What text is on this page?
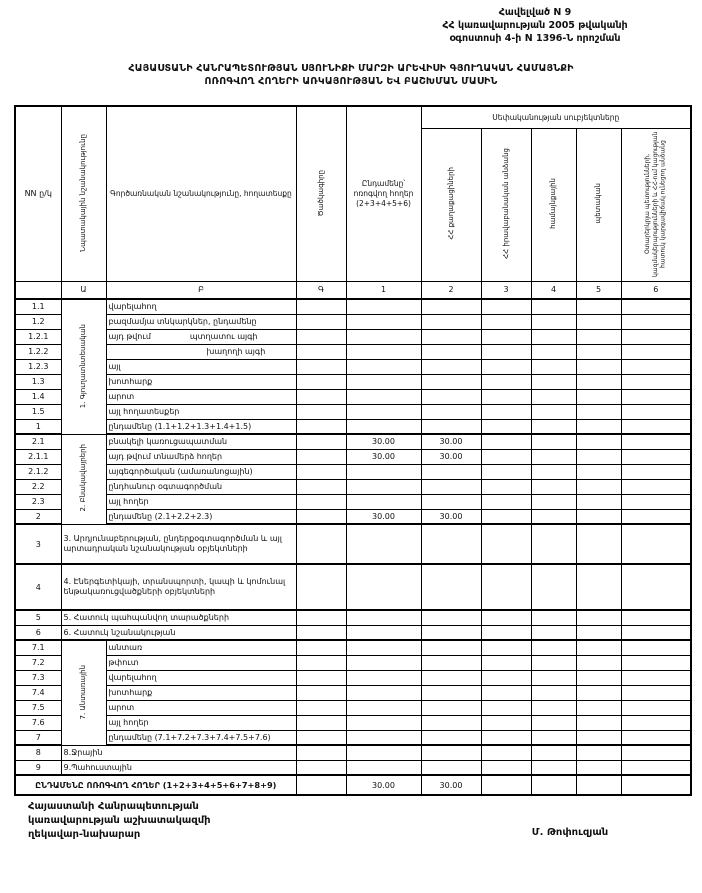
Հավելված N 9
ՀՀ կառավարության 2005 թվականի
օգոստոսի 4-ի N 1396-Ն որոշման
ՀԱՅԱՍՏԱՆԻ ՀԱՆՐԱՊԵՏՈՒԹՅԱՆ ՍՅՈՒՆԻՔԻ ՄԱՐԶԻ ԱՐԵՎԻՍԻ ԳՅՈՒՂԱԿԱՆ ՀԱՄԱՅՆՔԻ
ՈՌՈԳՎՈՂ ՀՈՂԵՐԻ ԱՌԿԱՅՈՒԹՅԱՆ ԵՎ ԲԱՇԽՄԱՆ ՄԱՍԻՆ
NN ը/կ	Նպատակային նշանակությունը	Գործառնական նշանակությունը, հողատեսքը	Ծածկագիրը	Ընդամենը՝ ոռոգվող հողեր (2+3+4+5+6)	Սեփականության սուբյեկտները				
					ՀՀ քաղաքացիների	ՀՀ իրավաբանական անձանց	համայնքային	պետական	Օտարերկրյա պետությունների, կազմակերպությունների և ՀՀ-ում կացության հատուկ կարգավիճակ ունեցող անձանց
	Ա	Բ	Գ	1	2	3	4	5	6
1.1	1. Գյուղատնտեսական	վարելահող							
1.2		բազմամյա տնկարկներ, ընդամենը							
1.2.1		այդ թվում պտղատու այգի							

1.2.2		խաղողի այգի							
1.2.3		այլ							
1.3		խոտհարք							
1.4		արոտ							
1.5		այլ հողատեսքեր							
1		ընդամենը (1.1+1.2+1.3+1.4+1.5)							
2.1	2. Բնակավայրերի	բնակելի կառուցապատման		30.00	30.00				
2.1.1		այդ թվում տնամերձ հողեր		30.00	30.00				
2.1.2		այգեգործական (ամառանոցային)							
2.2		ընդհանուր օգտագործման							
2.3		այլ հողեր							
2		ընդամենը (2.1+2.2+2.3)		30.00	30.00				
3	3. Արդյունաբերության, ընդերքօգտագործման և այլ արտադրական նշանակության օբյեկտների								
4	4. Էներգետիկայի, տրանսպորտի, կապի և կոմունալ ենթակառուցվածքների օբյեկտների								
5	5. Հատուկ պահպանվող տարածքների								
6	6. Հատուկ նշանակության								
7.1	7. Անտառային	անտառ							
7.2		թփուտ							
7.3		վարելահող							
7.4		խոտհարք							
7.5		արոտ							
7.6		այլ հողեր							
7		ընդամենը (7.1+7.2+7.3+7.4+7.5+7.6)							
8	8.Ջրային								
9	9.Պահուստային								
ԸՆԴԱՄԵՆԸ ՈՌՈԳՎՈՂ ՀՈՂԵՐ (1+2+3+4+5+6+7+8+9)				30.00	30.00				
Հայաստանի Հանրապետության
կառավարության աշխատակազմի
ղեկավար-նախարար	Մ. Թոփուզյան
